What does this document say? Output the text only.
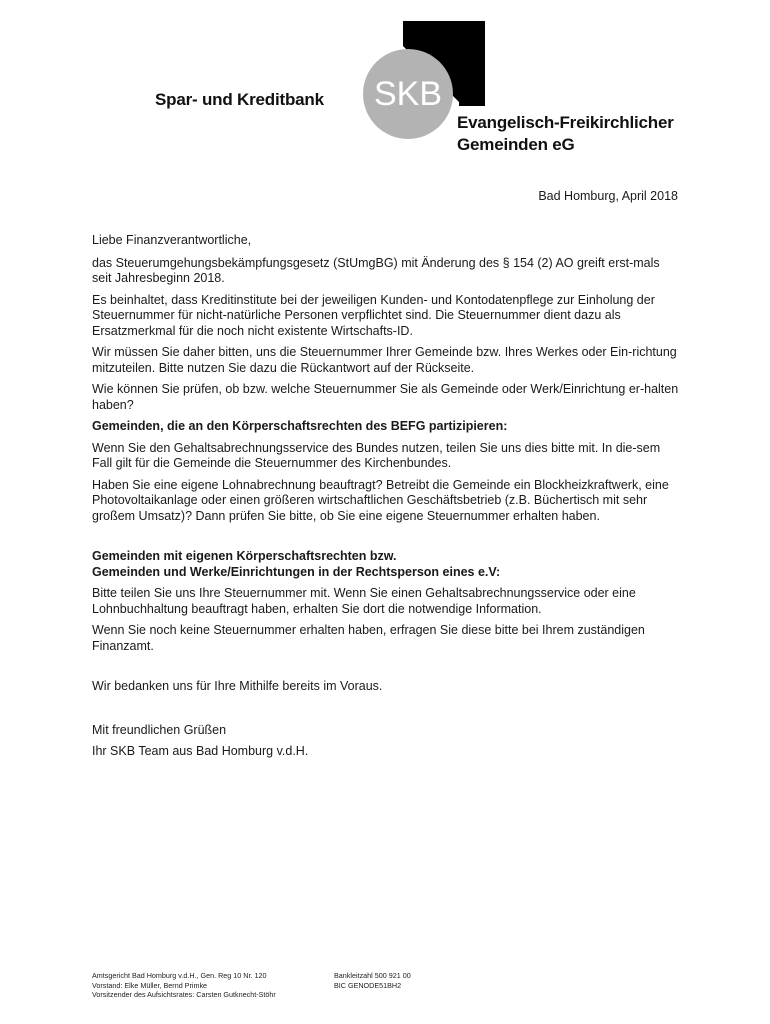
Spar- und Kreditbank SKB
Evangelisch-Freikirchlicher
Gemeinden eG
Bad Homburg, April 2018

Liebe Finanzverantwortliche,

das Steuerumgehungsbekämpfungsgesetz (StUmgBG) mit Änderung des § 154 (2) AO greift erst-mals seit Jahresbeginn 2018.

Es beinhaltet, dass Kreditinstitute bei der jeweiligen Kunden- und Kontodatenpflege zur Einholung der Steuernummer für nicht-natürliche Personen verpflichtet sind. Die Steuernummer dient dazu als Ersatzmerkmal für die noch nicht existente Wirtschafts-ID.

Wir müssen Sie daher bitten, uns die Steuernummer Ihrer Gemeinde bzw. Ihres Werkes oder Ein-richtung mitzuteilen. Bitte nutzen Sie dazu die Rückantwort auf der Rückseite.

Wie können Sie prüfen, ob bzw. welche Steuernummer Sie als Gemeinde oder Werk/Einrichtung er-halten haben?

Gemeinden, die an den Körperschaftsrechten des BEFG partizipieren:

Wenn Sie den Gehaltsabrechnungsservice des Bundes nutzen, teilen Sie uns dies bitte mit. In die-sem Fall gilt für die Gemeinde die Steuernummer des Kirchenbundes.

Haben Sie eine eigene Lohnabrechnung beauftragt? Betreibt die Gemeinde ein Blockheizkraftwerk, eine Photovoltaikanlage oder einen größeren wirtschaftlichen Geschäftsbetrieb (z.B. Büchertisch mit sehr großem Umsatz)? Dann prüfen Sie bitte, ob Sie eine eigene Steuernummer erhalten haben.

Gemeinden mit eigenen Körperschaftsrechten bzw.

Gemeinden und Werke/Einrichtungen in der Rechtsperson eines e.V:

Bitte teilen Sie uns Ihre Steuernummer mit. Wenn Sie einen Gehaltsabrechnungsservice oder eine Lohnbuchhaltung beauftragt haben, erhalten Sie dort die notwendige Information.

Wenn Sie noch keine Steuernummer erhalten haben, erfragen Sie diese bitte bei Ihrem zuständigen Finanzamt.

Wir bedanken uns für Ihre Mithilfe bereits im Voraus.

Mit freundlichen Grüßen

Ihr SKB Team aus Bad Homburg v.d.H.

Amtsgericht Bad Homburg v.d.H., Gen. Reg 10 Nr. 120
Vorstand: Elke Müller, Bernd Primke
Vorsitzender des Aufsichtsrates: Carsten Gutknecht-Stöhr
Bankleitzahl 500 921 00
BIC GENODE51BH2
